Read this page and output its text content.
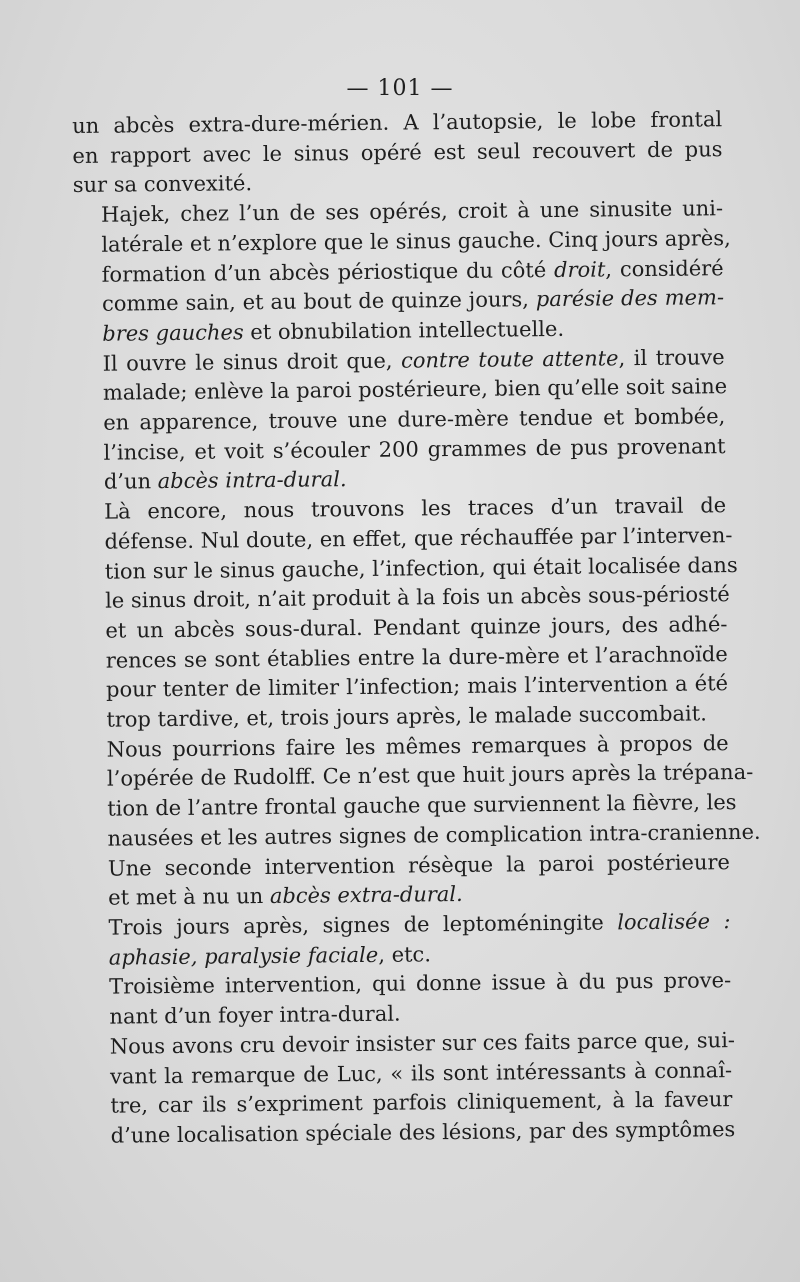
— 101 —
un abcès extra-dure-mérien. A l’autopsie, le lobe frontal
en rapport avec le sinus opéré est seul recouvert de pus
sur sa convexité.
Hajek, chez l’un de ses opérés, croit à une sinusite uni-
latérale et n’explore que le sinus gauche. Cinq jours après,
formation d’un abcès périostique du côté droit, considéré
comme sain, et au bout de quinze jours, parésie des mem-
bres gauches et obnubilation intellectuelle.
Il ouvre le sinus droit que, contre toute attente, il trouve
malade; enlève la paroi postérieure, bien qu’elle soit saine
en apparence, trouve une dure-mère tendue et bombée,
l’incise, et voit s’écouler 200 grammes de pus provenant
d’un abcès intra-dural.
Là encore, nous trouvons les traces d’un travail de
défense. Nul doute, en effet, que réchauffée par l’interven-
tion sur le sinus gauche, l’infection, qui était localisée dans
le sinus droit, n’ait produit à la fois un abcès sous-périosté
et un abcès sous-dural. Pendant quinze jours, des adhé-
rences se sont établies entre la dure-mère et l’arachnoïde
pour tenter de limiter l’infection; mais l’intervention a été
trop tardive, et, trois jours après, le malade succombait.
Nous pourrions faire les mêmes remarques à propos de
l’opérée de Rudolff. Ce n’est que huit jours après la trépana-
tion de l’antre frontal gauche que surviennent la fièvre, les
nausées et les autres signes de complication intra-cranienne.
Une seconde intervention résèque la paroi postérieure
et met à nu un abcès extra-dural.
Trois jours après, signes de leptoméningite localisée :
aphasie, paralysie faciale, etc.
Troisième intervention, qui donne issue à du pus prove-
nant d’un foyer intra-dural.
Nous avons cru devoir insister sur ces faits parce que, sui-
vant la remarque de Luc, « ils sont intéressants à connaî-
tre, car ils s’expriment parfois cliniquement, à la faveur
d’une localisation spéciale des lésions, par des symptômes
